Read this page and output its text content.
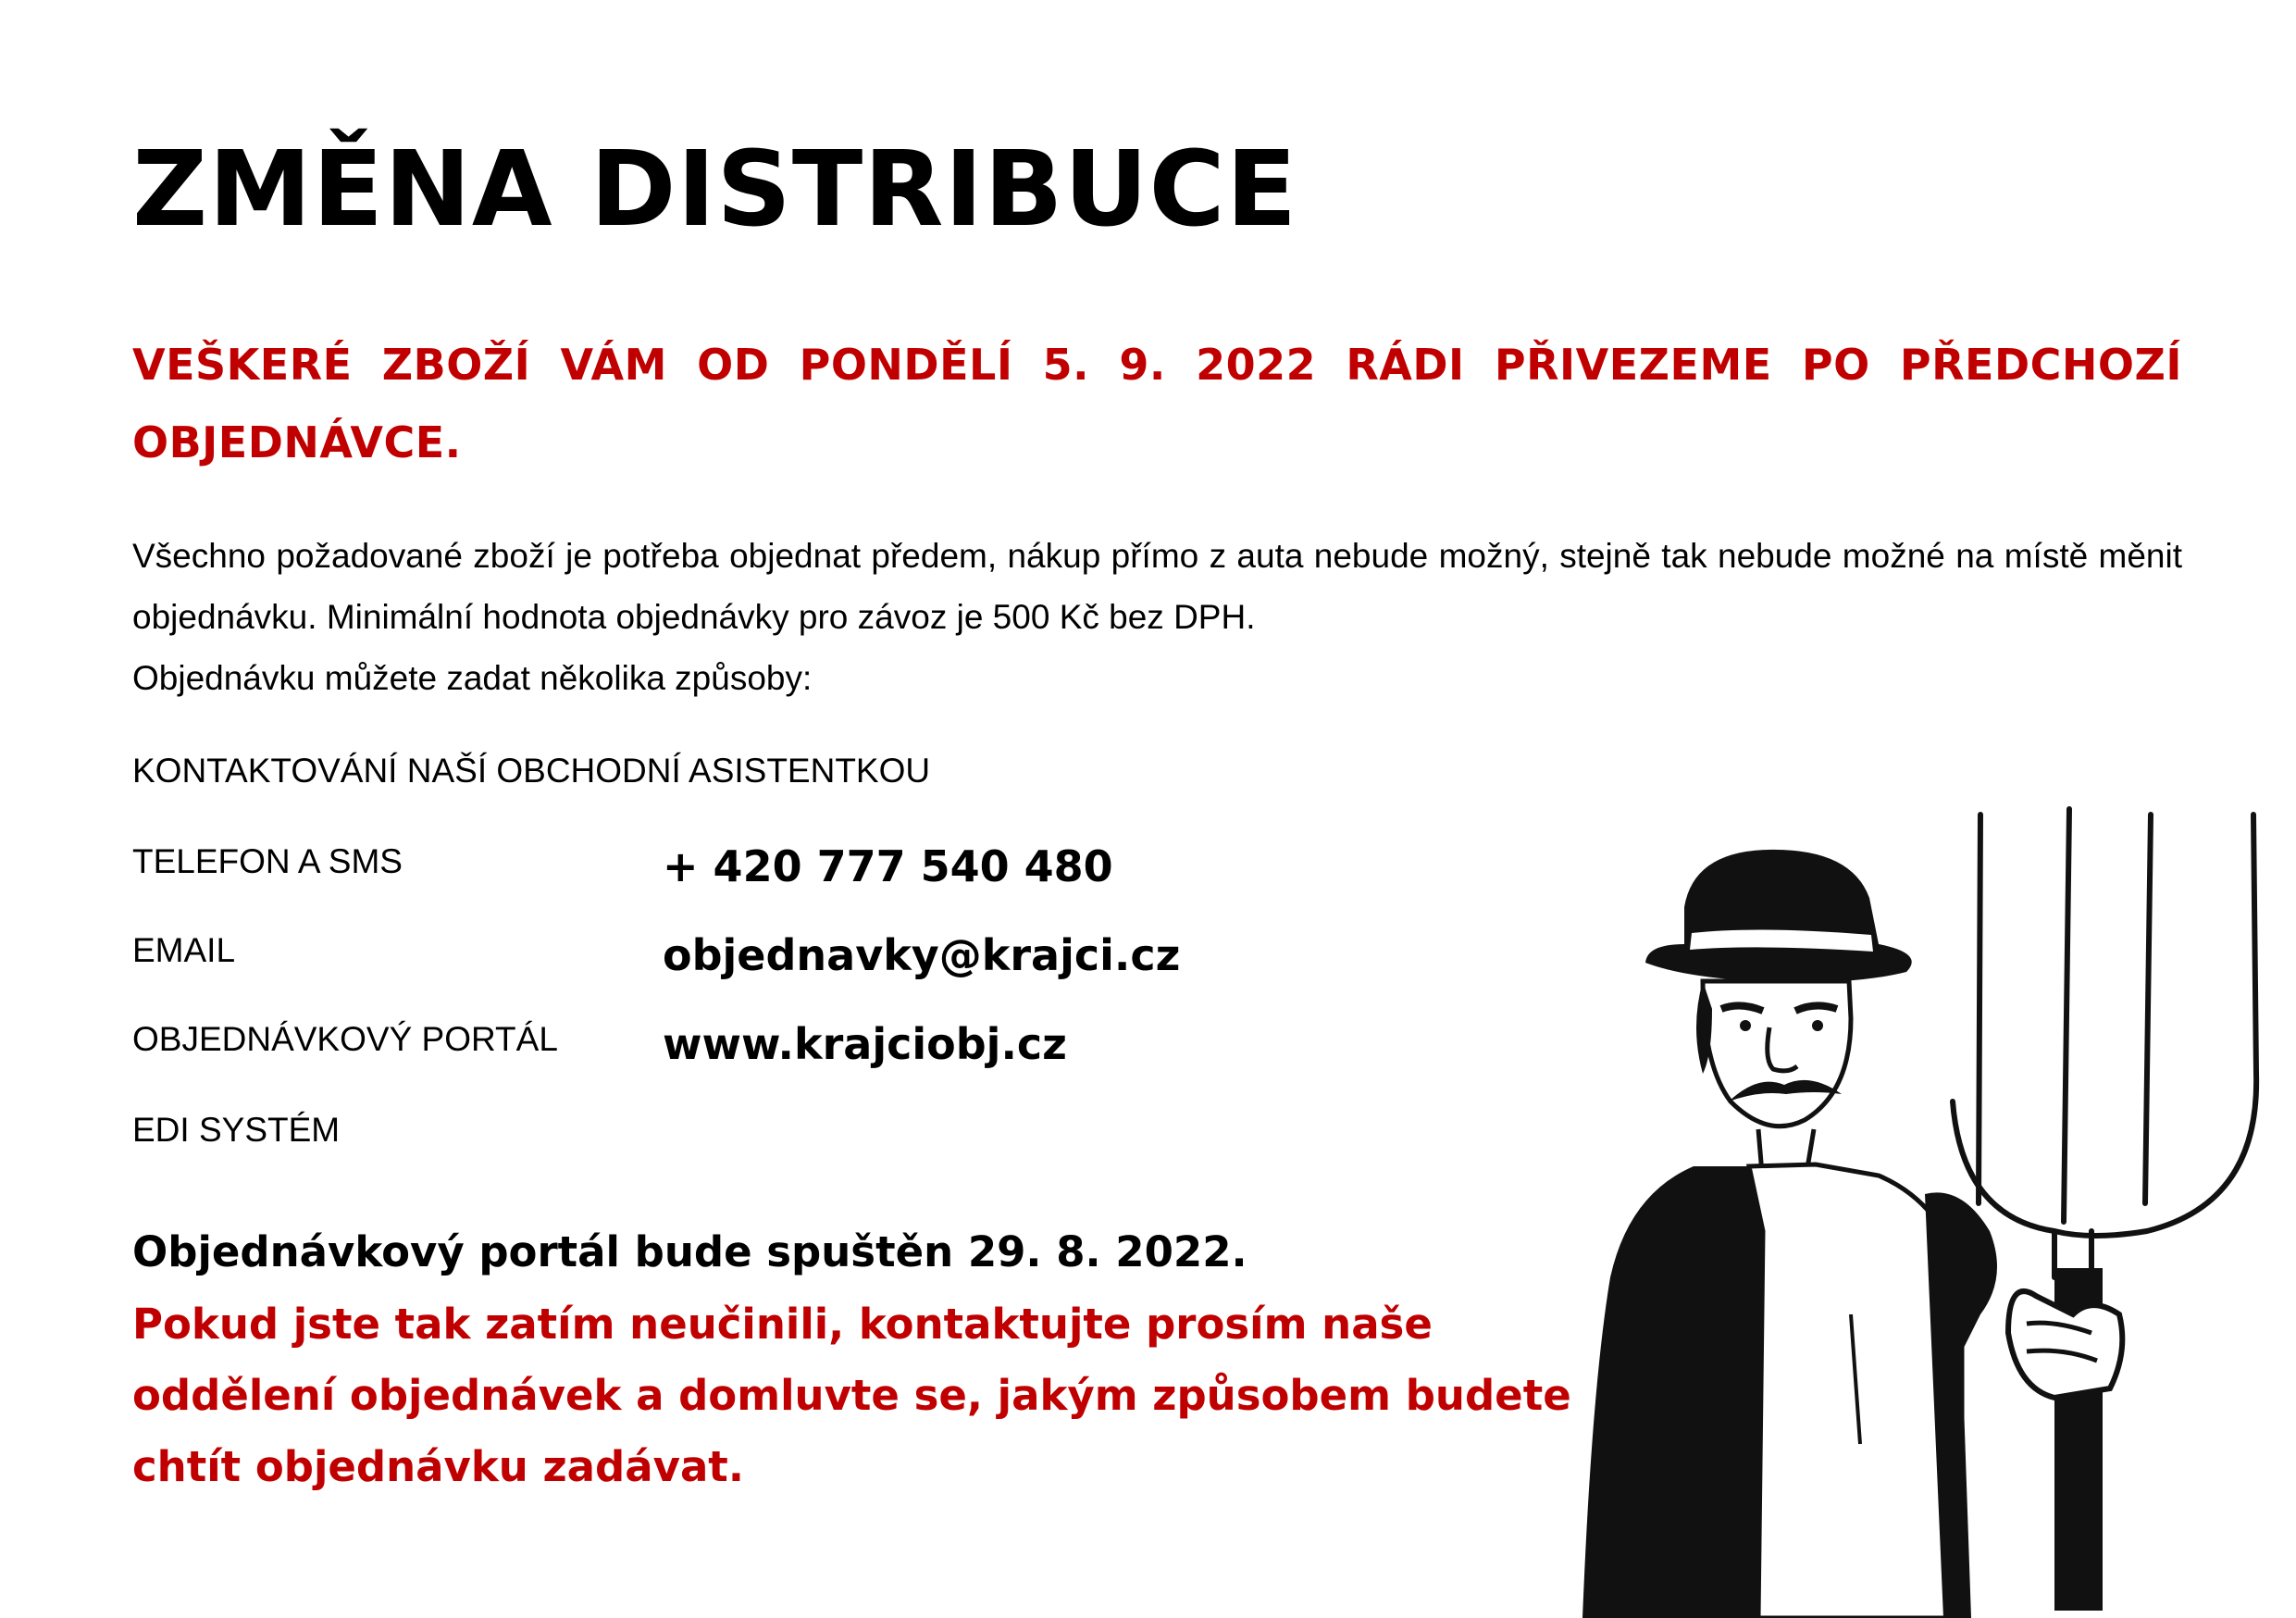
ZMĚNA DISTRIBUCE
VEŠKERÉ ZBOŽÍ VÁM OD PONDĚLÍ 5. 9. 2022 RÁDI PŘIVEZEME PO PŘEDCHOZÍ OBJEDNÁVCE.

Všechno požadované zboží je potřeba objednat předem, nákup přímo z auta nebude možný, stejně tak nebude možné na místě měnit objednávku. Minimální hodnota objednávky pro závoz je 500 Kč bez DPH.

Objednávku můžete zadat několika způsoby:

KONTAKTOVÁNÍ NAŠÍ OBCHODNÍ ASISTENTKOU
TELEFON A SMS	+ 420 777 540 480
EMAIL	objednavky@krajci.cz
OBJEDNÁVKOVÝ PORTÁL www.krajciobj.cz
EDI SYSTÉM
Objednávkový portál bude spuštěn 29. 8. 2022.
Pokud jste tak zatím neučinili, kontaktujte prosím naše oddělení objednávek a domluvte se, jakým způsobem budete chtít objednávku zadávat.
